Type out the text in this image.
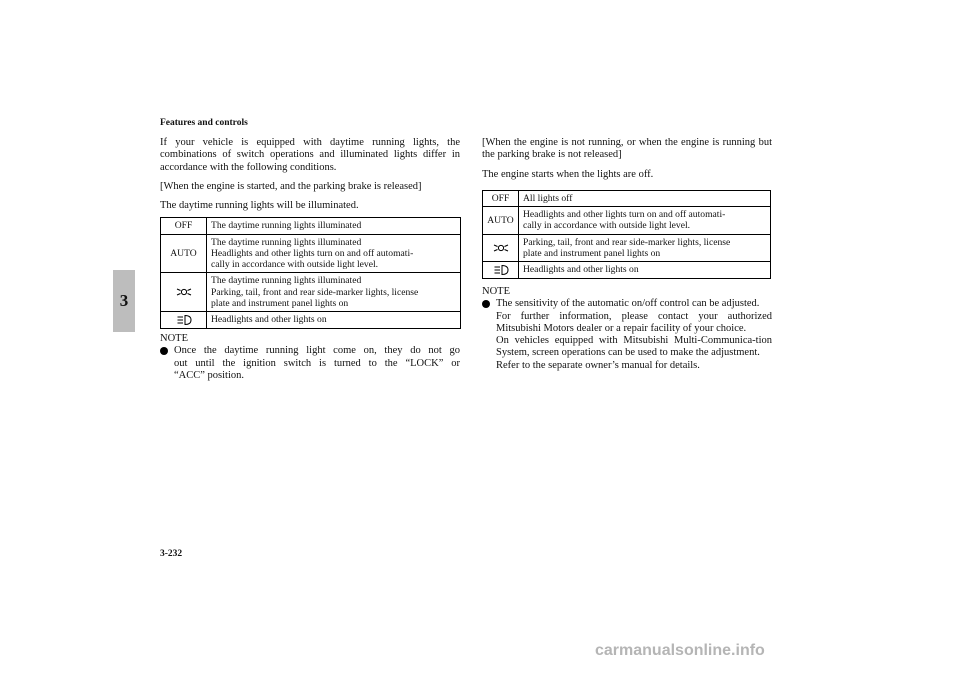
Features and controls
3

If your vehicle is equipped with daytime running lights, the combinations of switch operations and illuminated lights differ in accordance with the following conditions.

[When the engine is started, and the parking brake is released]

The daytime running lights will be illuminated.

OFF	The daytime running lights illuminated

AUTO	The daytime running lights illuminated
Headlights and other lights turn on and off automati-
cally in accordance with outside light level.

The daytime running lights illuminated
Parking, tail, front and rear side-marker lights, license
plate and instrument panel lights on

Headlights and other lights on
NOTE
Once the daytime running light come on, they do not go
out until the ignition switch is turned to the “LOCK” or
“ACC” position.

[When the engine is not running, or when the engine is running but the parking brake is not released]

The engine starts when the lights are off.

OFF	All lights off

AUTO	Headlights and other lights turn on and off automati-
cally in accordance with outside light level.

Parking, tail, front and rear side-marker lights, license
plate and instrument panel lights on

Headlights and other lights on
NOTE
The sensitivity of the automatic on/off control can be adjusted.
For further information, please contact your authorized Mitsubishi Motors dealer or a repair facility of your choice.
On vehicles equipped with Mitsubishi Multi-Communica-tion System, screen operations can be used to make the adjustment.
Refer to the separate owner’s manual for details.
3-232
carmanualsonline.info
